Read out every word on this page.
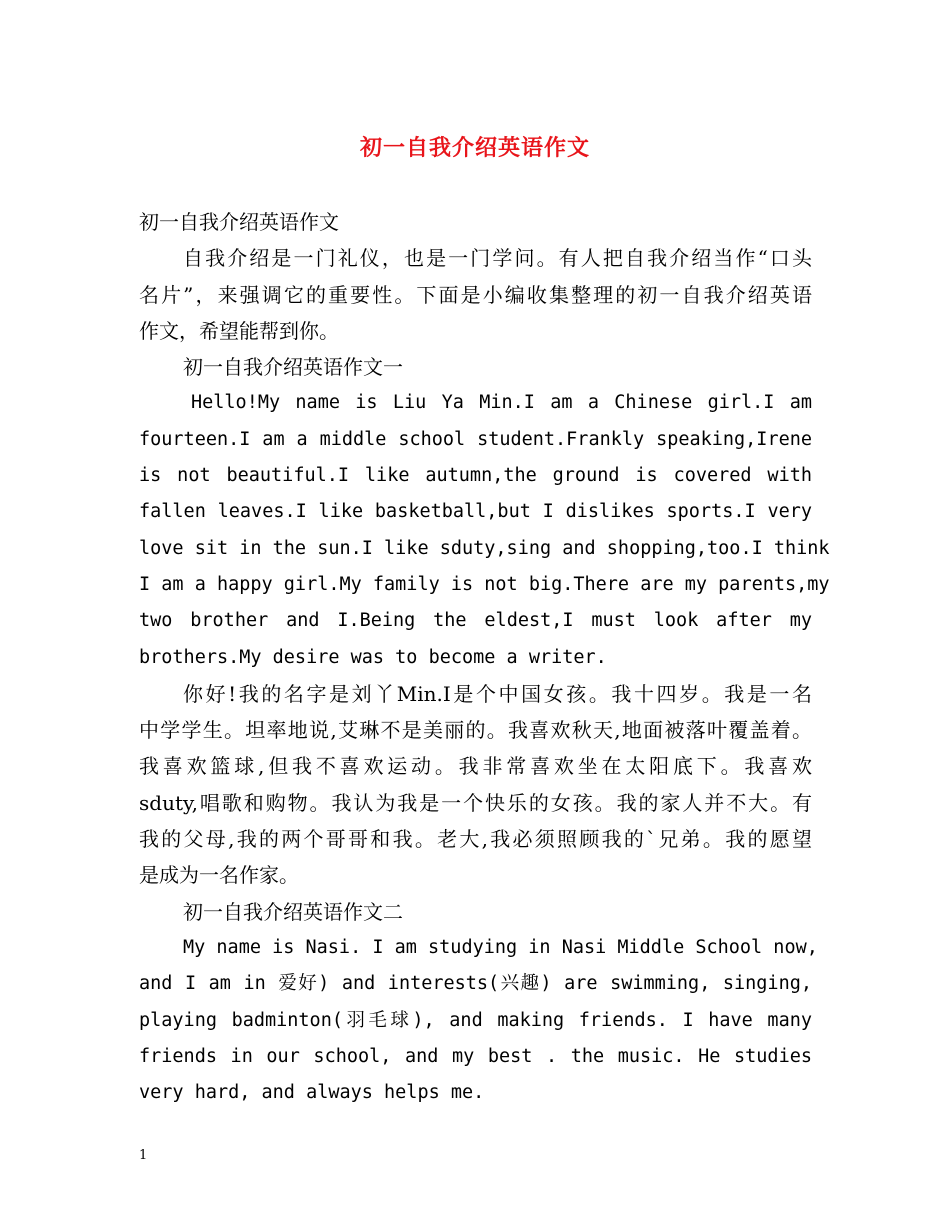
初一自我介绍英语作文
初一自我介绍英语作文
自我介绍是一门礼仪，也是一门学问。有人把自我介绍当作“口头
名片”，来强调它的重要性。下面是小编收集整理的初一自我介绍英语
作文，希望能帮到你。
初一自我介绍英语作文一
Hello!My name is Liu Ya Min.I am a Chinese girl.I am
fourteen.I am a middle school student.Frankly speaking,Irene
is not beautiful.I like autumn,the ground is covered with
fallen leaves.I like basketball,but I dislikes sports.I very
love sit in the sun.I like sduty,sing and shopping,too.I think
I am a happy girl.My family is not big.There are my parents,my
two brother and I.Being the eldest,I must look after my
brothers.My desire was to become a writer.
你好!我的名字是刘丫Min.I是个中国女孩。我十四岁。我是一名
中学学生。坦率地说,艾琳不是美丽的。我喜欢秋天,地面被落叶覆盖着。
我喜欢篮球,但我不喜欢运动。我非常喜欢坐在太阳底下。我喜欢
sduty,唱歌和购物。我认为我是一个快乐的女孩。我的家人并不大。有
我的父母,我的两个哥哥和我。老大,我必须照顾我的`兄弟。我的愿望
是成为一名作家。
初一自我介绍英语作文二
My name is Nasi. I am studying in Nasi Middle School now,
and I am in 爱好) and interests(兴趣) are swimming, singing,
playing badminton(羽毛球), and making friends. I have many
friends in our school, and my best . the music. He studies
very hard, and always helps me.
1
